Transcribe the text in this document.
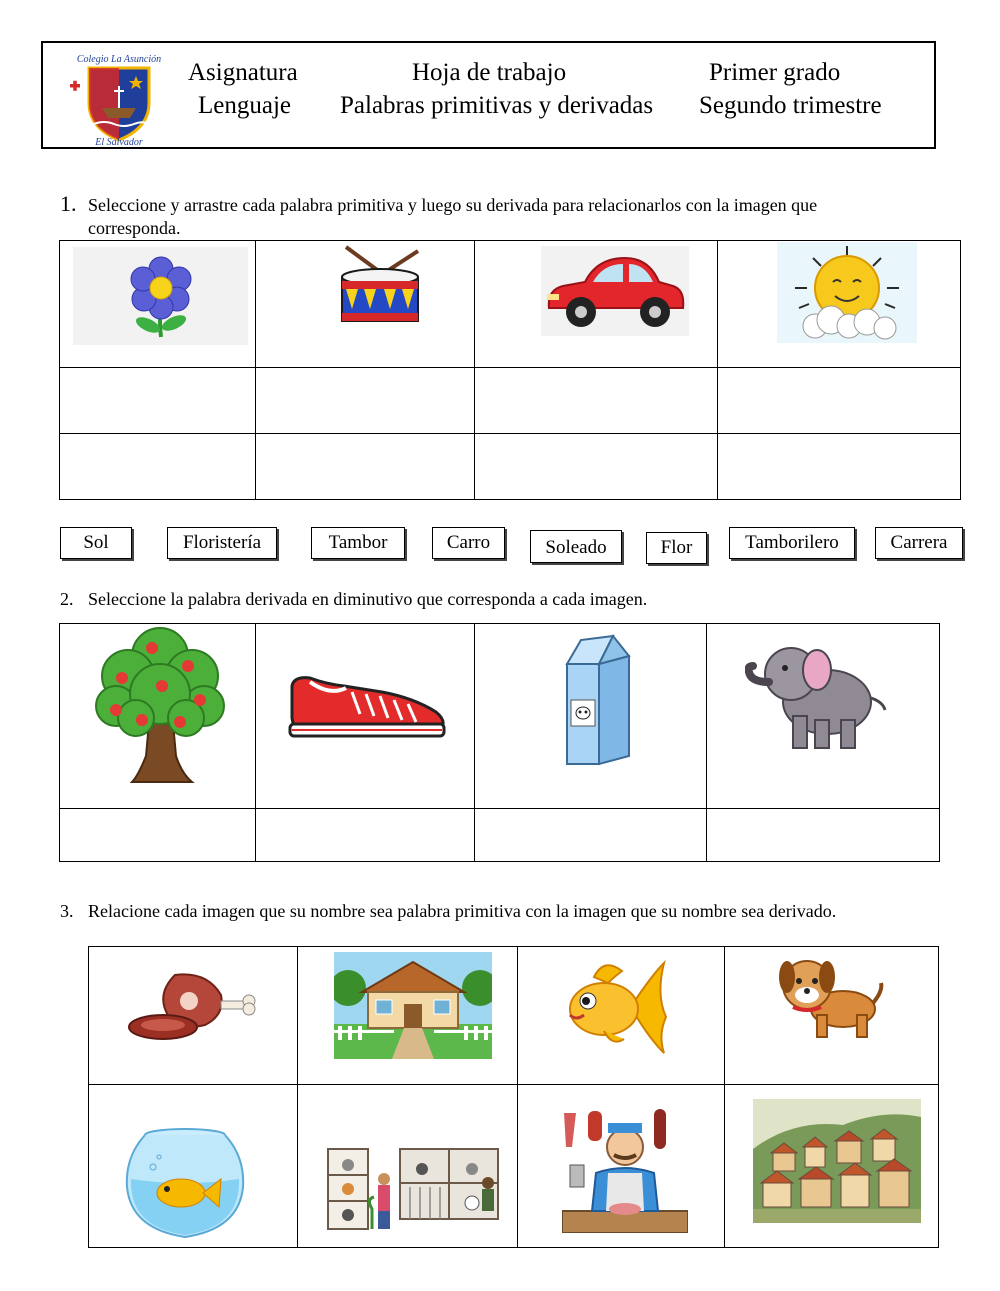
Colegio La Asunción
El Salvador
Asignatura
Lenguaje
Hoja de trabajo
Palabras primitivas y derivadas
Primer grado
Segundo trimestre
1. Seleccione y arrastre cada palabra primitiva y luego su derivada para relacionarlos con la imagen que
corresponda.

Sol	Floristería	Tambor	Carro	Soleado	Flor	Tamborilero	Carrera
2. Seleccione la palabra derivada en diminutivo que corresponda a cada imagen.

3. Relacione cada imagen que su nombre sea palabra primitiva con la imagen que su nombre sea derivado.
